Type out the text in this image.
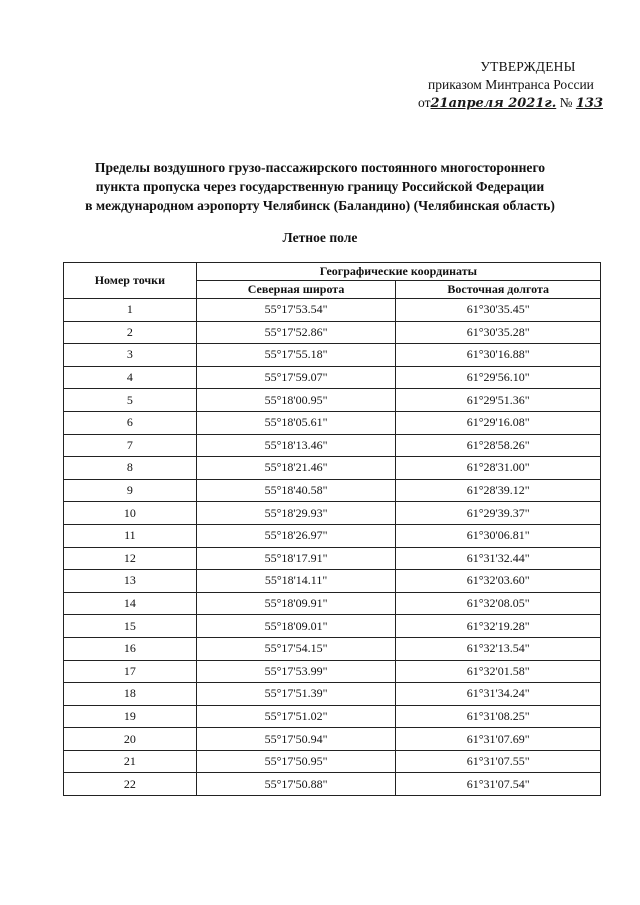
УТВЕРЖДЕНЫ
приказом Минтранса России
от21апреля 2021г. № 133
Пределы воздушного грузо-пассажирского постоянного многостороннего
пункта пропуска через государственную границу Российской Федерации
в международном аэропорту Челябинск (Баландино) (Челябинская область)
Летное поле
Номер точки	Географические координаты	
	Северная широта	Восточная долгота
1	55°17'53.54"	61°30'35.45"
2	55°17'52.86"	61°30'35.28"
3	55°17'55.18"	61°30'16.88"
4	55°17'59.07"	61°29'56.10"
5	55°18'00.95"	61°29'51.36"
6	55°18'05.61"	61°29'16.08"
7	55°18'13.46"	61°28'58.26"
8	55°18'21.46"	61°28'31.00"
9	55°18'40.58"	61°28'39.12"
10	55°18'29.93"	61°29'39.37"
11	55°18'26.97"	61°30'06.81"
12	55°18'17.91"	61°31'32.44"
13	55°18'14.11"	61°32'03.60"
14	55°18'09.91"	61°32'08.05"
15	55°18'09.01"	61°32'19.28"
16	55°17'54.15"	61°32'13.54"
17	55°17'53.99"	61°32'01.58"
18	55°17'51.39"	61°31'34.24"
19	55°17'51.02"	61°31'08.25"
20	55°17'50.94"	61°31'07.69"
21	55°17'50.95"	61°31'07.55"
22	55°17'50.88"	61°31'07.54"
